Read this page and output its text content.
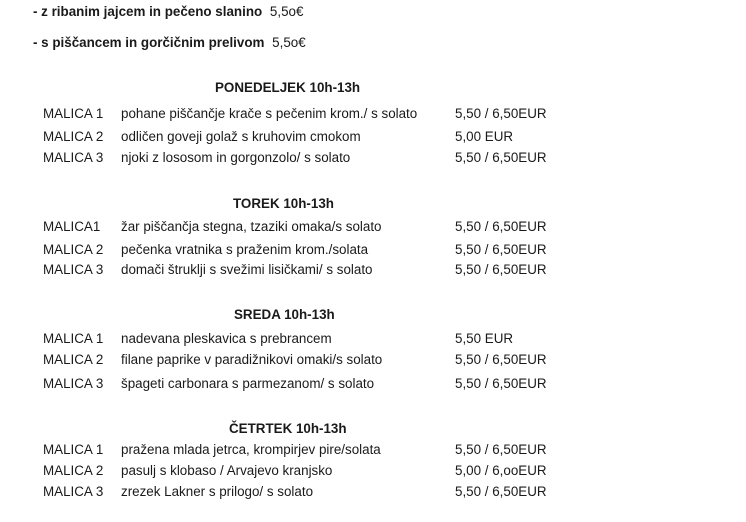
- z ribanim jajcem in pečeno slanino 5,5o€
- s piščancem in gorčičnim prelivom 5,5o€
PONEDELJEK 10h-13h
MALICA 1 pohane piščančje krače s pečenim krom./ s solato	5,50 / 6,50EUR
MALICA 2 odličen goveji golaž s kruhovim cmokom	5,00 EUR
MALICA 3 njoki z lososom in gorgonzolo/ s solato	5,50 / 6,50EUR
TOREK 10h-13h
MALICA1 žar piščančja stegna, tzaziki omaka/s solato	5,50 / 6,50EUR
MALICA 2 pečenka vratnika s praženim krom./solata	5,50 / 6,50EUR
MALICA 3 domači štruklji s svežimi lisičkami/ s solato	5,50 / 6,50EUR
SREDA 10h-13h
MALICA 1 nadevana pleskavica s prebrancem	5,50 EUR
MALICA 2 filane paprike v paradižnikovi omaki/s solato	5,50 / 6,50EUR
MALICA 3 špageti carbonara s parmezanom/ s solato	5,50 / 6,50EUR
ČETRTEK 10h-13h
MALICA 1 pražena mlada jetrca, krompirjev pire/solata	5,50 / 6,50EUR
MALICA 2 pasulj s klobaso / Arvajevo kranjsko	5,00 / 6,ooEUR
MALICA 3 zrezek Lakner s prilogo/ s solato	5,50 / 6,50EUR
